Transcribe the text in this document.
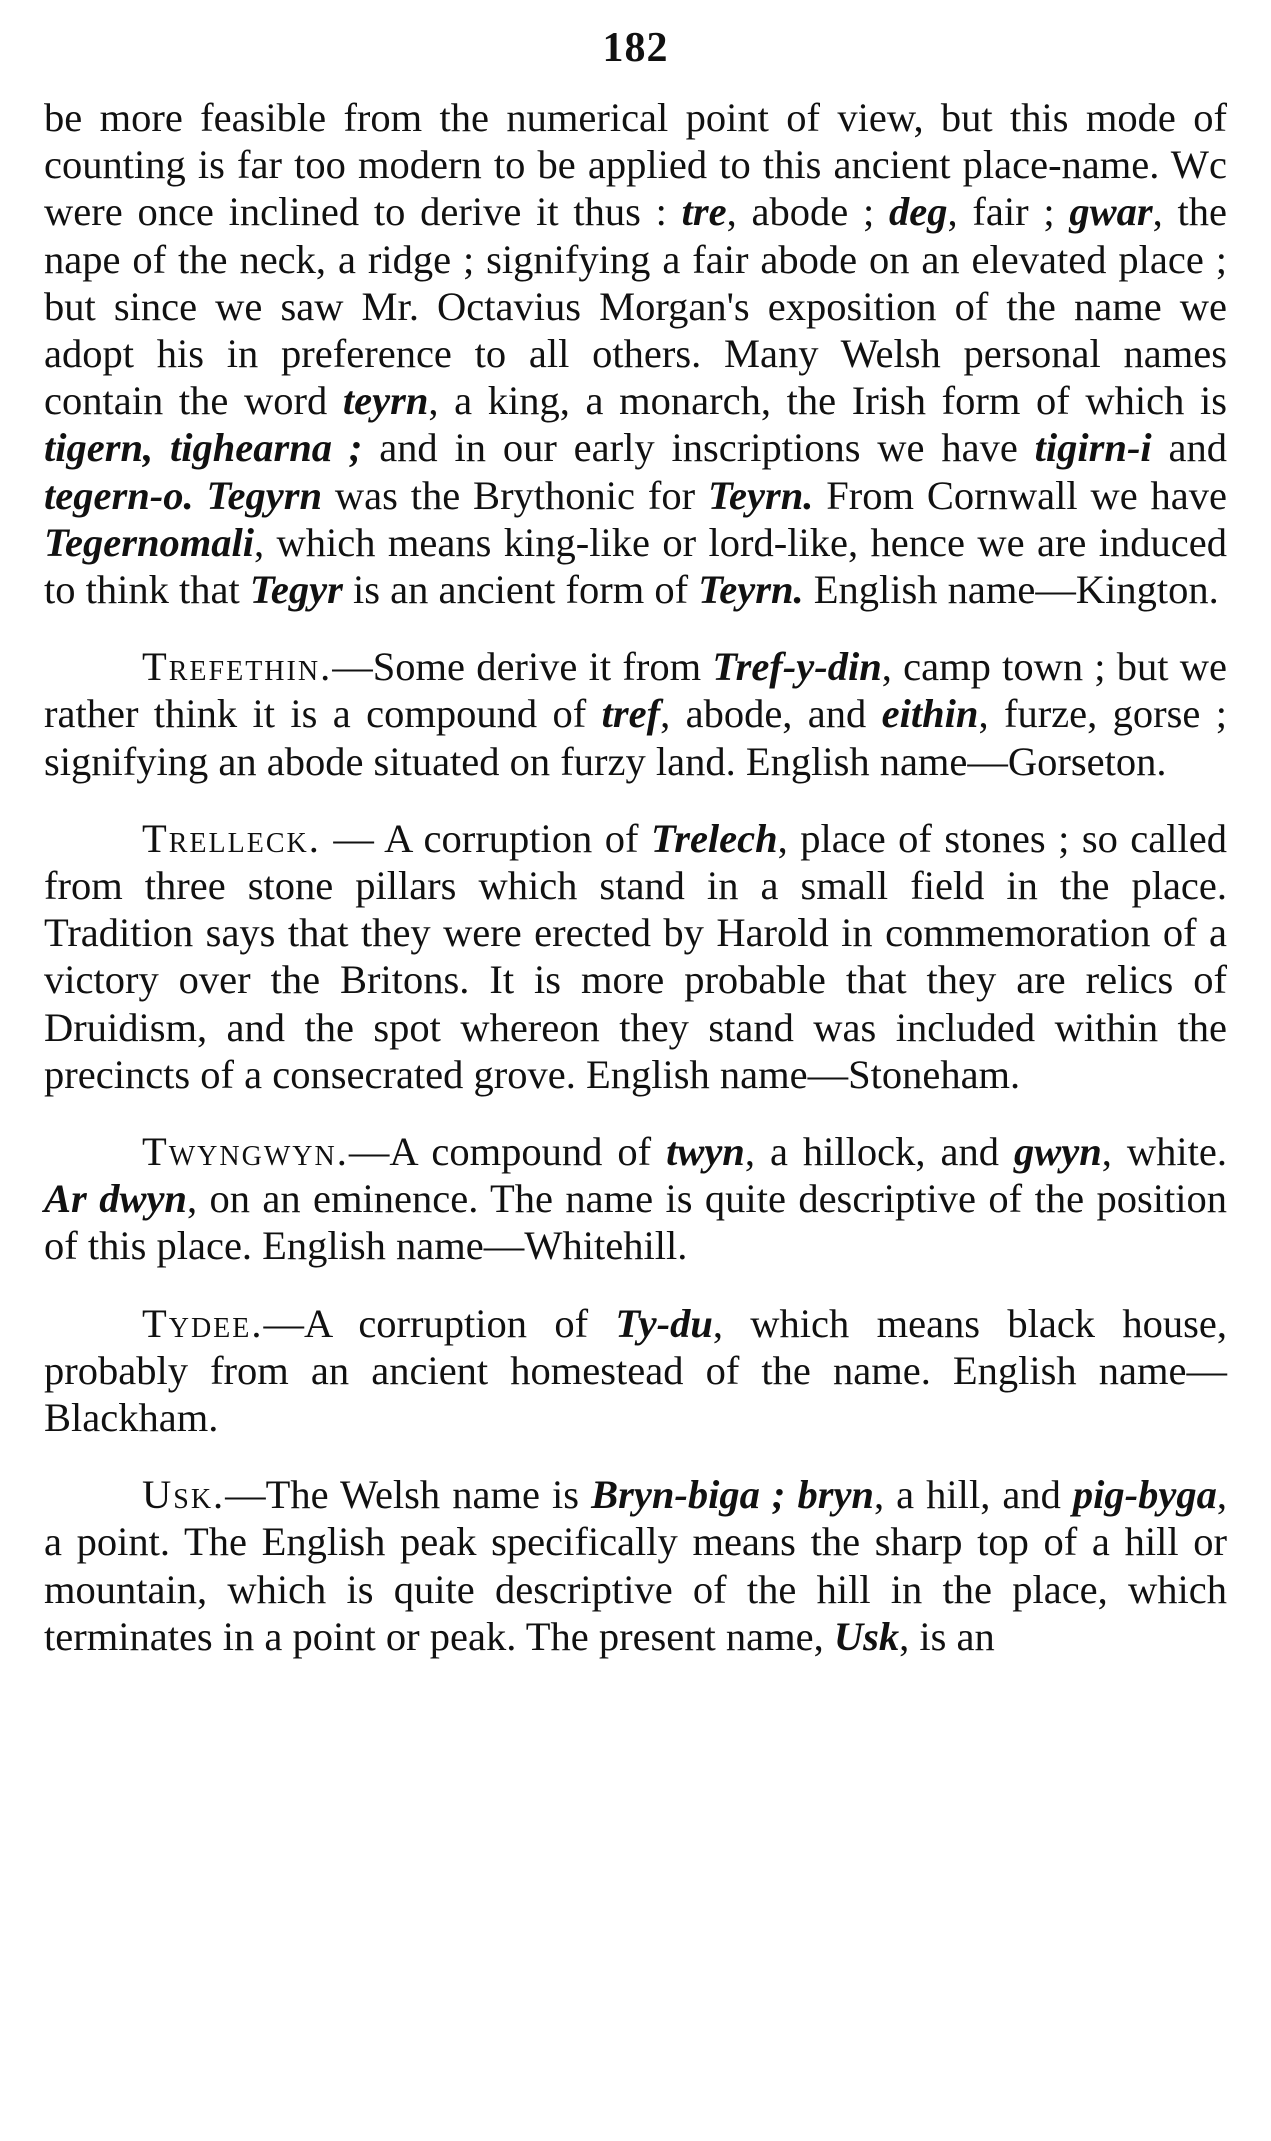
182

be more feasible from the numerical point of view, but this mode of counting is far too modern to be applied to this ancient place-name. Wc were once inclined to derive it thus : tre, abode ; deg, fair ; gwar, the nape of the neck, a ridge ; signifying a fair abode on an elevated place ; but since we saw Mr. Octavius Morgan's exposition of the name we adopt his in preference to all others. Many Welsh personal names contain the word teyrn, a king, a monarch, the Irish form of which is tigern, tighearna ; and in our early inscriptions we have tigirn-i and tegern-o. Tegyrn was the Brythonic for Teyrn. From Cornwall we have Tegernomali, which means king-like or lord-like, hence we are induced to think that Tegyr is an ancient form of Teyrn. English name—Kington.

Trefethin.—Some derive it from Tref-y-din, camp town ; but we rather think it is a compound of tref, abode, and eithin, furze, gorse ; signifying an abode situated on furzy land. English name—Gorseton.

Trelleck. — A corruption of Trelech, place of stones ; so called from three stone pillars which stand in a small field in the place. Tradition says that they were erected by Harold in commemoration of a victory over the Britons. It is more probable that they are relics of Druidism, and the spot whereon they stand was included within the precincts of a consecrated grove. English name—Stoneham.

Twyngwyn.—A compound of twyn, a hillock, and gwyn, white. Ar dwyn, on an eminence. The name is quite descriptive of the position of this place. English name—Whitehill.

Tydee.—A corruption of Ty-du, which means black house, probably from an ancient homestead of the name. English name—Blackham.

Usk.—The Welsh name is Bryn-biga ; bryn, a hill, and pig-byga, a point. The English peak specifically means the sharp top of a hill or mountain, which is quite descriptive of the hill in the place, which terminates in a point or peak. The present name, Usk, is an
